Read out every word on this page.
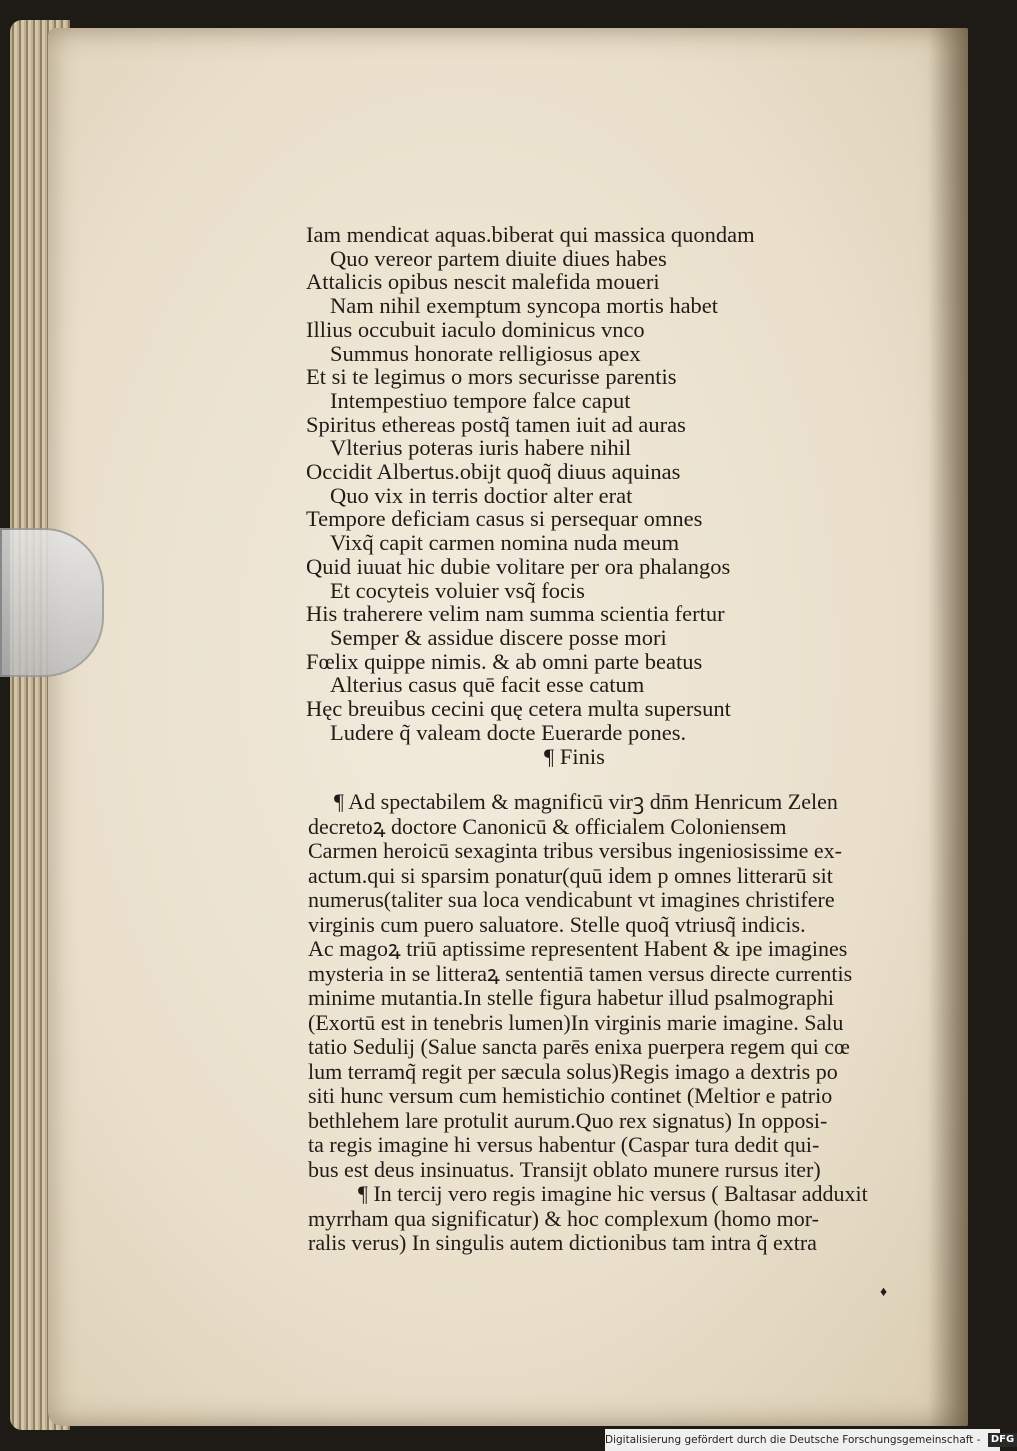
Iam mendicat aquas.biberat qui massica quondam
Quo vereor partem diuite diues habes
Attalicis opibus nescit malefida moueri
Nam nihil exemptum syncopa mortis habet
Illius occubuit iaculo dominicus vnco
Summus honorate relligiosus apex
Et si te legimus o mors securisse parentis
Intempestiuo tempore falce caput
Spiritus ethereas postq̃ tamen iuit ad auras
Vlterius poteras iuris habere nihil
Occidit Albertus.obijt quoq̃ diuus aquinas
Quo vix in terris doctior alter erat
Tempore deficiam casus si persequar omnes
Vixq̃ capit carmen nomina nuda meum
Quid iuuat hic dubie volitare per ora phalangos
Et cocyteis voluier vsq̃ focis
His traherere velim nam summa scientia fertur
Semper & assidue discere posse mori
Fœlix quippe nimis. & ab omni parte beatus
Alterius casus quē facit esse catum
Hęc breuibus cecini quę cetera multa supersunt
Ludere q̃ valeam docte Euerarde pones.
¶ Finis
¶ Ad spectabilem & magnificū virꝫ dn̄m Henricum Zelen
decretoꝝ doctore Canonicū & officialem Coloniensem
Carmen heroicū sexaginta tribus versibus ingeniosissime ex-
actum.qui si sparsim ponatur(quū idem p omnes litterarū sit
numerus(taliter sua loca vendicabunt vt imagines christifere
virginis cum puero saluatore. Stelle quoq̃ vtriusq̃ indicis.
Ac magoꝝ triū aptissime representent Habent & ipe imagines
mysteria in se litteraꝝ sententiā tamen versus directe currentis
minime mutantia.In stelle figura habetur illud psalmographi
(Exortū est in tenebris lumen)In virginis marie imagine. Salu
tatio Sedulij (Salue sancta parēs enixa puerpera regem qui cœ
lum terramq̃ regit per sæcula solus)Regis imago a dextris po
siti hunc versum cum hemistichio continet (Meltior e patrio
bethlehem lare protulit aurum.Quo rex signatus) In opposi-
ta regis imagine hi versus habentur (Caspar tura dedit qui-
bus est deus insinuatus. Transijt oblato munere rursus iter)
¶ In tercij vero regis imagine hic versus ( Baltasar adduxit
myrrham qua significatur) & hoc complexum (homo mor-
ralis verus) In singulis autem dictionibus tam intra q̃ extra
♦
Digitalisierung gefördert durch die Deutsche Forschungsgemeinschaft - DFG
